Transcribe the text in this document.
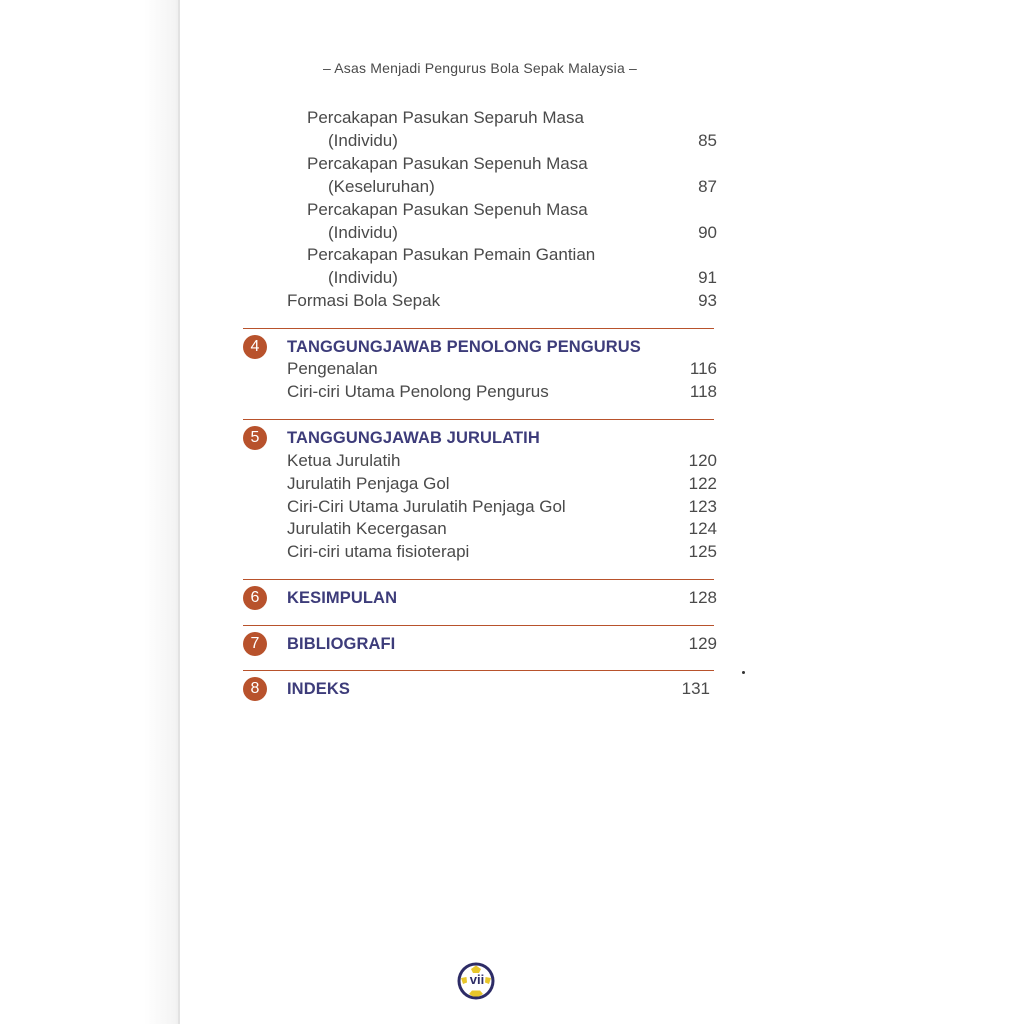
– Asas Menjadi Pengurus Bola Sepak Malaysia –
Percakapan Pasukan Separuh Masa
(Individu)	85
Percakapan Pasukan Sepenuh Masa
(Keseluruhan)	87
Percakapan Pasukan Sepenuh Masa
(Individu)	90
Percakapan Pasukan Pemain Gantian
(Individu)	91
Formasi Bola Sepak	93
4	TANGGUNGJAWAB PENOLONG PENGURUS
Pengenalan	116
Ciri-ciri Utama Penolong Pengurus	118
5	TANGGUNGJAWAB JURULATIH
Ketua Jurulatih	120
Jurulatih Penjaga Gol	122
Ciri-Ciri Utama Jurulatih Penjaga Gol	123
Jurulatih Kecergasan	124
Ciri-ciri utama fisioterapi	125
6	KESIMPULAN	128
7	BIBLIOGRAFI	129
8	INDEKS	131
vii
